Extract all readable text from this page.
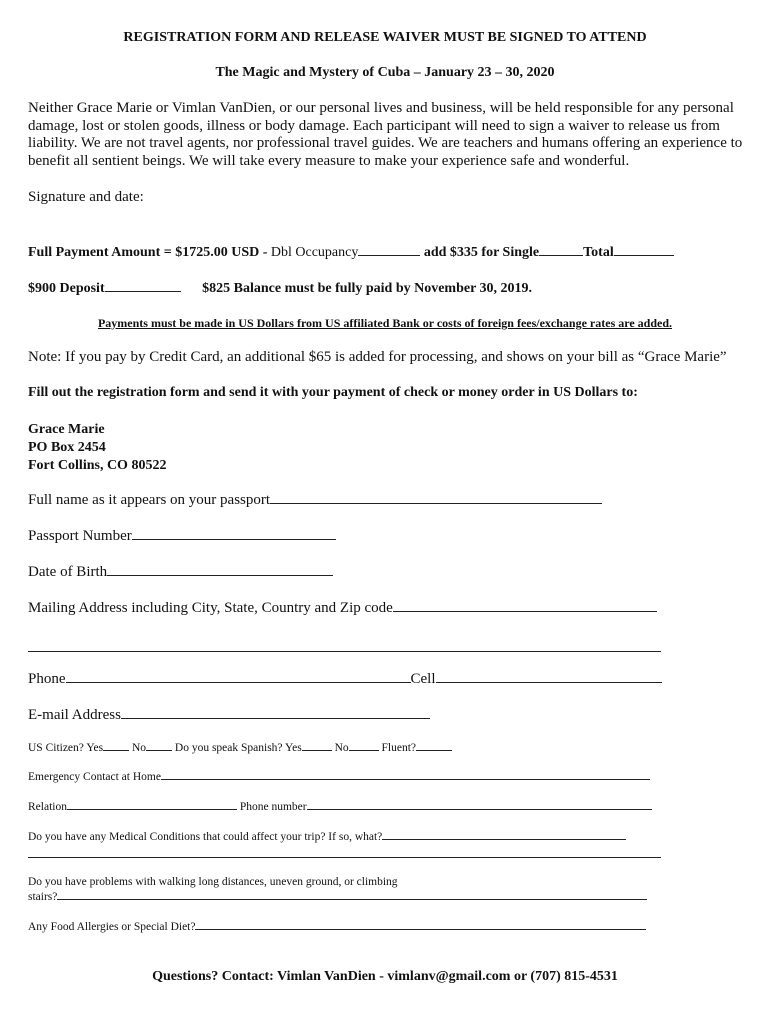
REGISTRATION FORM AND RELEASE WAIVER MUST BE SIGNED TO ATTEND
The Magic and Mystery of Cuba – January 23 – 30, 2020
Neither Grace Marie or Vimlan VanDien, or our personal lives and business, will be held responsible for any personal damage, lost or stolen goods, illness or body damage. Each participant will need to sign a waiver to release us from liability. We are not travel agents, nor professional travel guides. We are teachers and humans offering an experience to benefit all sentient beings. We will take every measure to make your experience safe and wonderful.
Signature and date:
Full Payment Amount = $1725.00 USD - Dbl Occupancy	add $335 for Single	Total
$900 Deposit	$825 Balance must be fully paid by November 30, 2019.
Payments must be made in US Dollars from US affiliated Bank or costs of foreign fees/exchange rates are added.
Note: If you pay by Credit Card, an additional $65 is added for processing, and shows on your bill as “Grace Marie”
Fill out the registration form and send it with your payment of check or money order in US Dollars to:
Grace Marie
PO Box 2454
Fort Collins, CO 80522
Full name as it appears on your passport
Passport Number
Date of Birth
Mailing Address including City, State, Country and Zip code
Phone	Cell
E-mail Address
US Citizen? Yes	No	Do you speak Spanish? Yes	No	Fluent?
Emergency Contact at Home
Relation	Phone number
Do you have any Medical Conditions that could affect your trip? If so, what?
Do you have problems with walking long distances, uneven ground, or climbing
stairs?
Any Food Allergies or Special Diet?
Questions? Contact: Vimlan VanDien - vimlanv@gmail.com or (707) 815-4531
